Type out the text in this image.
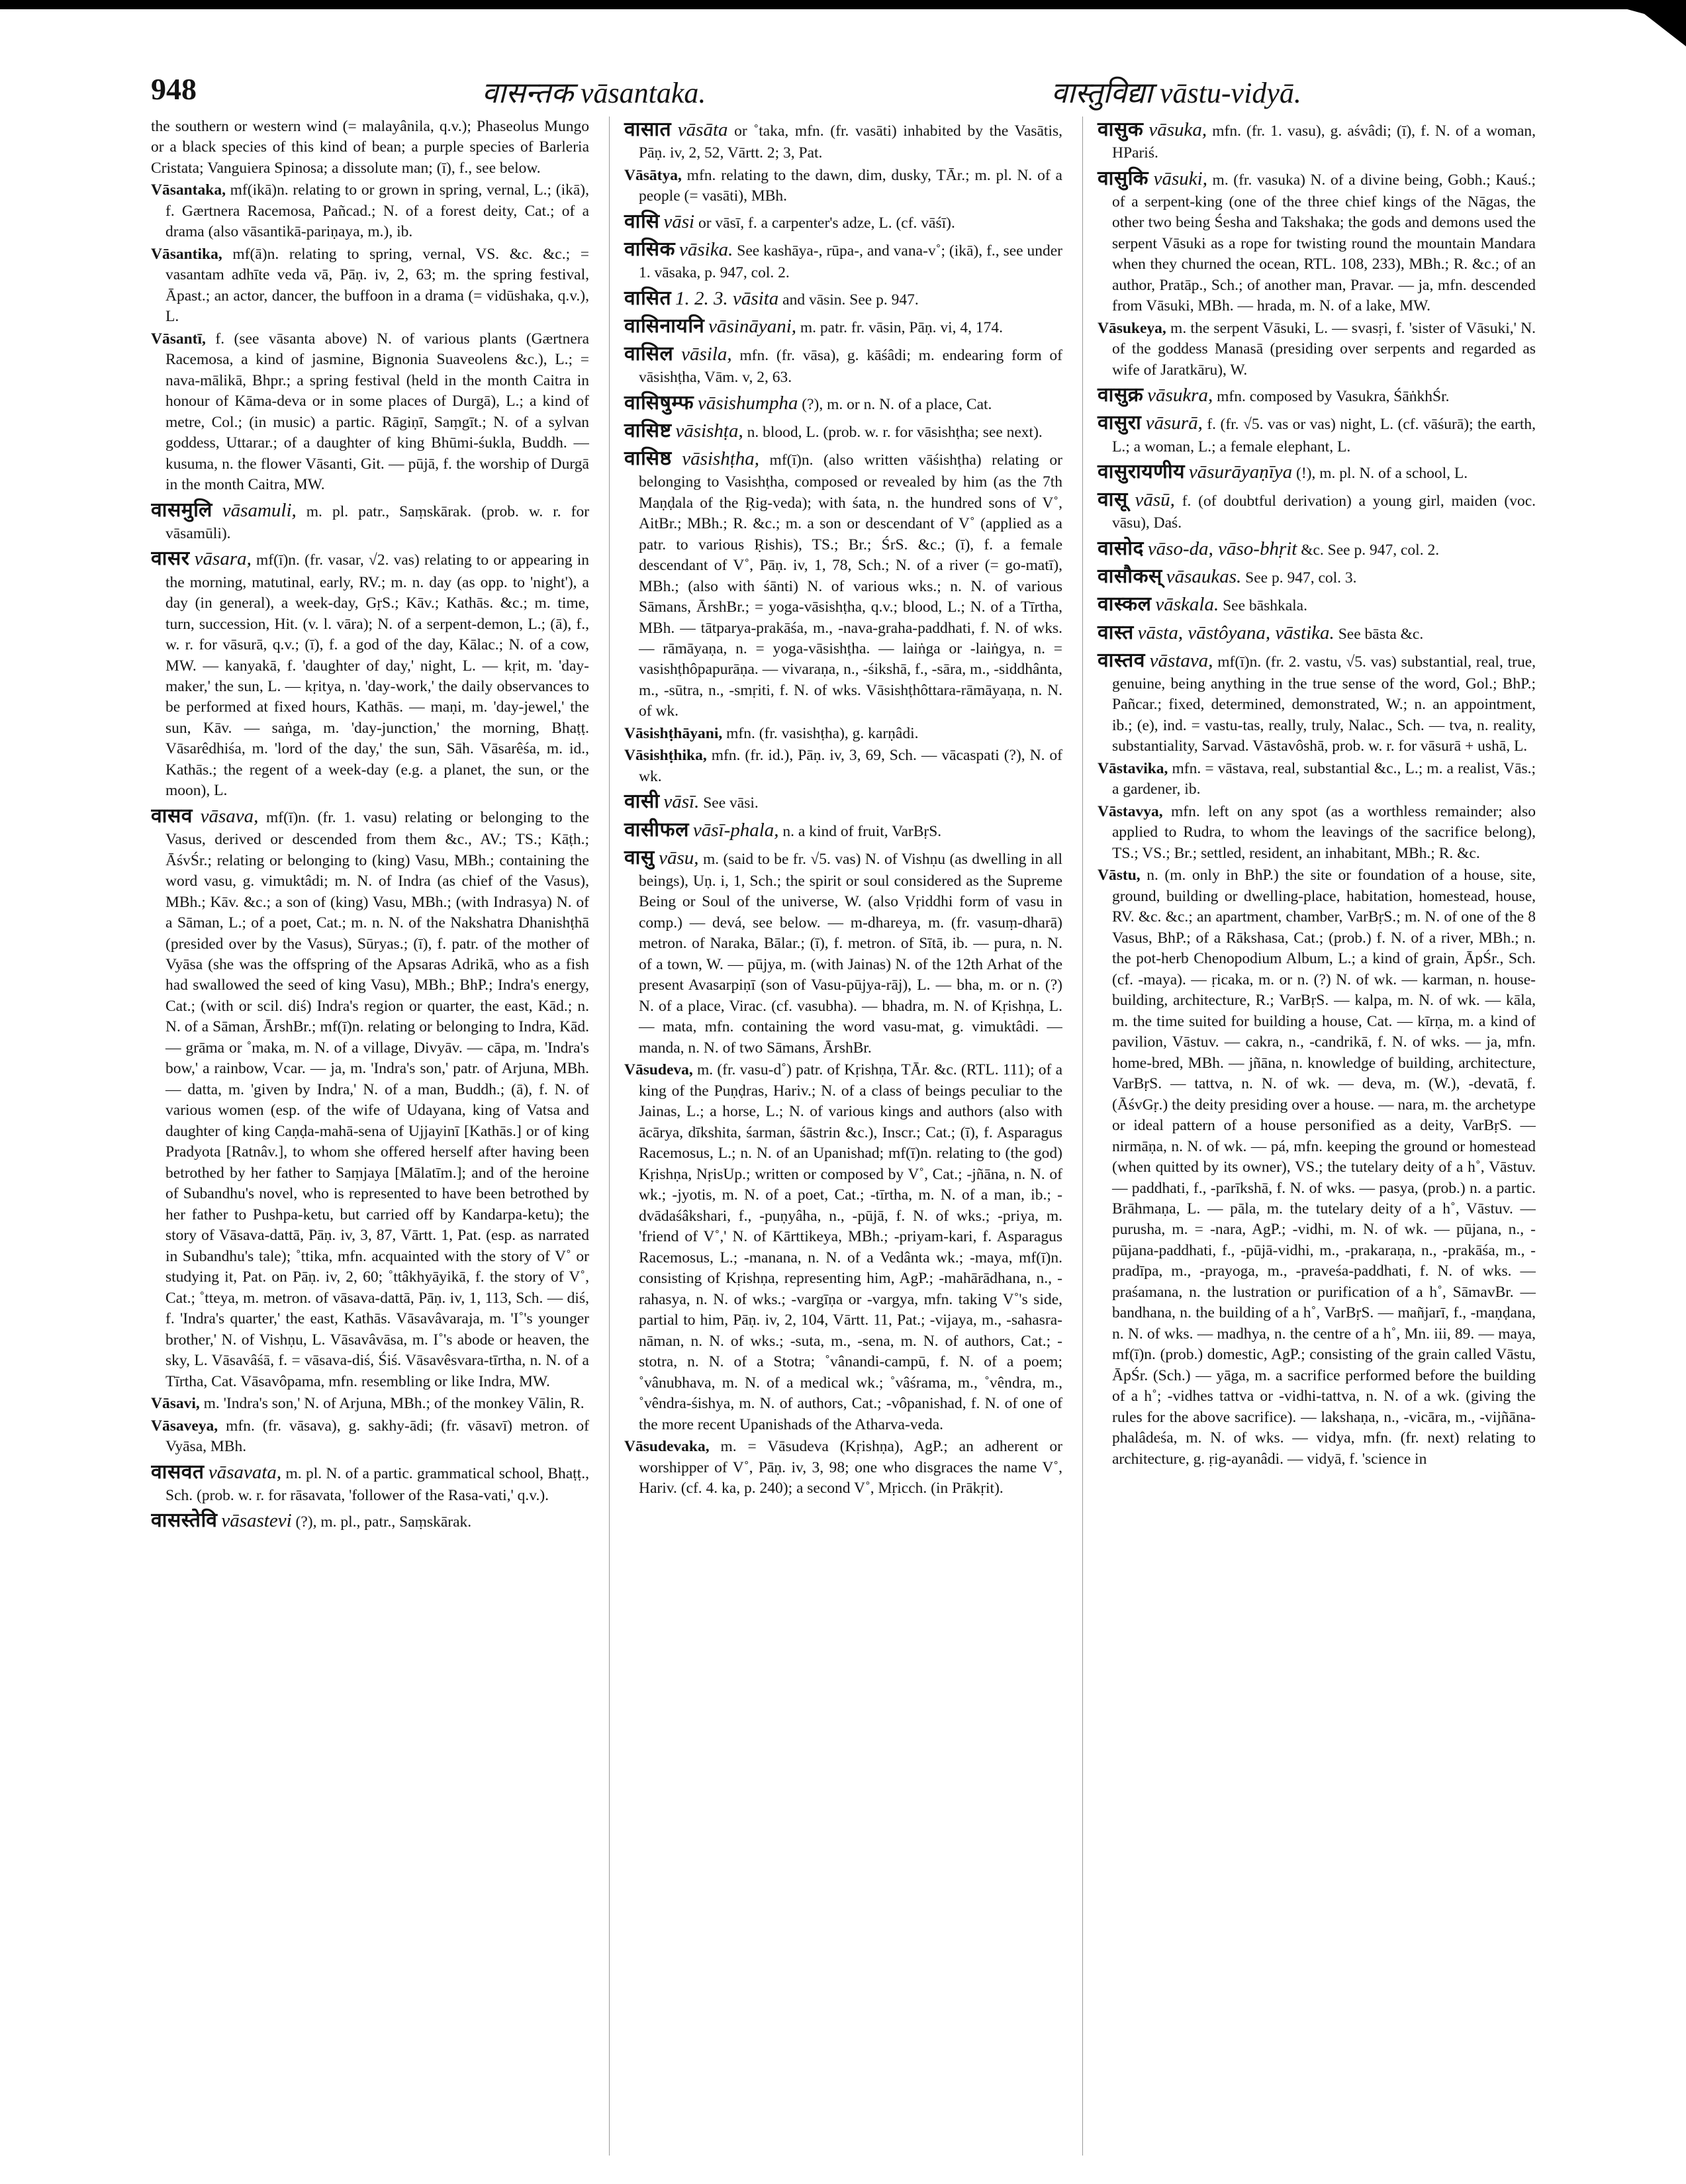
948	वासन्तक vāsantaka.	वास्तुविद्या vāstu-vidyā.

the southern or western wind (= malayânila, q.v.); Phaseolus Mungo or a black species of this kind of bean; a purple species of Barleria Cristata; Vanguiera Spinosa; a dissolute man; (ī), f., see below.

Vāsantaka, mf(ikā)n. relating to or grown in spring, vernal, L.; (ikā), f. Gærtnera Racemosa, Pañcad.; N. of a forest deity, Cat.; of a drama (also vāsantikā-pariṇaya, m.), ib.

Vāsantika, mf(ā)n. relating to spring, vernal, VS. &c. &c.; = vasantam adhīte veda vā, Pāṇ. iv, 2, 63; m. the spring festival, Āpast.; an actor, dancer, the buffoon in a drama (= vidūshaka, q.v.), L.

Vāsantī, f. (see vāsanta above) N. of various plants (Gærtnera Racemosa, a kind of jasmine, Bignonia Suaveolens &c.), L.; = nava-mālikā, Bhpr.; a spring festival (held in the month Caitra in honour of Kāma-deva or in some places of Durgā), L.; a kind of metre, Col.; (in music) a partic. Rāgiṇī, Saṃgīt.; N. of a sylvan goddess, Uttarar.; of a daughter of king Bhūmi-śukla, Buddh. — kusuma, n. the flower Vāsanti, Git. — pūjā, f. the worship of Durgā in the month Caitra, MW.

वासमुलि vāsamuli, m. pl. patr., Saṃskārak. (prob. w. r. for vāsamūli).

वासर vāsara, mf(ī)n. (fr. vasar, √2. vas) relating to or appearing in the morning, matutinal, early, RV.; m. n. day (as opp. to 'night'), a day (in general), a week-day, GṛS.; Kāv.; Kathās. &c.; m. time, turn, succession, Hit. (v. l. vāra); N. of a serpent-demon, L.; (ā), f., w. r. for vāsurā, q.v.; (ī), f. a god of the day, Kālac.; N. of a cow, MW. — kanyakā, f. 'daughter of day,' night, L. — kṛit, m. 'day-maker,' the sun, L. — kṛitya, n. 'day-work,' the daily observances to be performed at fixed hours, Kathās. — maṇi, m. 'day-jewel,' the sun, Kāv. — saṅga, m. 'day-junction,' the morning, Bhaṭṭ. Vāsarêdhiśa, m. 'lord of the day,' the sun, Sāh. Vāsarêśa, m. id., Kathās.; the regent of a week-day (e.g. a planet, the sun, or the moon), L.

वासव vāsava, mf(ī)n. (fr. 1. vasu) relating or belonging to the Vasus, derived or descended from them &c., AV.; TS.; Kāṭh.; ĀśvŚr.; relating or belonging to (king) Vasu, MBh.; containing the word vasu, g. vimuktâdi; m. N. of Indra (as chief of the Vasus), MBh.; Kāv. &c.; a son of (king) Vasu, MBh.; (with Indrasya) N. of a Sāman, L.; of a poet, Cat.; m. n. N. of the Nakshatra Dhanishṭhā (presided over by the Vasus), Sūryas.; (ī), f. patr. of the mother of Vyāsa (she was the offspring of the Apsaras Adrikā, who as a fish had swallowed the seed of king Vasu), MBh.; BhP.; Indra's energy, Cat.; (with or scil. diś) Indra's region or quarter, the east, Kād.; n. N. of a Sāman, ĀrshBr.; mf(ī)n. relating or belonging to Indra, Kād. — grāma or ˚maka, m. N. of a village, Divyāv. — cāpa, m. 'Indra's bow,' a rainbow, Vcar. — ja, m. 'Indra's son,' patr. of Arjuna, MBh. — datta, m. 'given by Indra,' N. of a man, Buddh.; (ā), f. N. of various women (esp. of the wife of Udayana, king of Vatsa and daughter of king Caṇḍa-mahā-sena of Ujjayinī [Kathās.] or of king Pradyota [Ratnâv.], to whom she offered herself after having been betrothed by her father to Saṃjaya [Mālatīm.]; and of the heroine of Subandhu's novel, who is represented to have been betrothed by her father to Pushpa-ketu, but carried off by Kandarpa-ketu); the story of Vāsava-dattā, Pāṇ. iv, 3, 87, Vārtt. 1, Pat. (esp. as narrated in Subandhu's tale); ˚ttika, mfn. acquainted with the story of V˚ or studying it, Pat. on Pāṇ. iv, 2, 60; ˚ttâkhyāyikā, f. the story of V˚, Cat.; ˚tteya, m. metron. of vāsava-dattā, Pāṇ. iv, 1, 113, Sch. — diś, f. 'Indra's quarter,' the east, Kathās. Vāsavâvaraja, m. 'I˚'s younger brother,' N. of Vishṇu, L. Vāsavâvāsa, m. I˚'s abode or heaven, the sky, L. Vāsavâśā, f. = vāsava-diś, Śiś. Vāsavêsvara-tīrtha, n. N. of a Tīrtha, Cat. Vāsavôpama, mfn. resembling or like Indra, MW.

Vāsavi, m. 'Indra's son,' N. of Arjuna, MBh.; of the monkey Vālin, R.

Vāsaveya, mfn. (fr. vāsava), g. sakhy-ādi; (fr. vāsavī) metron. of Vyāsa, MBh.

वासवत vāsavata, m. pl. N. of a partic. grammatical school, Bhaṭṭ., Sch. (prob. w. r. for rāsavata, 'follower of the Rasa-vati,' q.v.).

वासस्तेवि vāsastevi (?), m. pl., patr., Saṃskārak.

वासात vāsāta or ˚taka, mfn. (fr. vasāti) inhabited by the Vasātis, Pāṇ. iv, 2, 52, Vārtt. 2; 3, Pat.

Vāsātya, mfn. relating to the dawn, dim, dusky, TĀr.; m. pl. N. of a people (= vasāti), MBh.

वासि vāsi or vāsī, f. a carpenter's adze, L. (cf. vāśī).

वासिक vāsika. See kashāya-, rūpa-, and vana-v˚; (ikā), f., see under 1. vāsaka, p. 947, col. 2.

वासित 1. 2. 3. vāsita and vāsin. See p. 947.

वासिनायनि vāsināyani, m. patr. fr. vāsin, Pāṇ. vi, 4, 174.

वासिल vāsila, mfn. (fr. vāsa), g. kāśâdi; m. endearing form of vāsishṭha, Vām. v, 2, 63.

वासिषुम्फ vāsishumpha (?), m. or n. N. of a place, Cat.

वासिष्ट vāsishṭa, n. blood, L. (prob. w. r. for vāsishṭha; see next).

वासिष्ठ vāsishṭha, mf(ī)n. (also written vāśishṭha) relating or belonging to Vasishṭha, composed or revealed by him (as the 7th Maṇḍala of the Ṛig-veda); with śata, n. the hundred sons of V˚, AitBr.; MBh.; R. &c.; m. a son or descendant of V˚ (applied as a patr. to various Ṛishis), TS.; Br.; ŚrS. &c.; (ī), f. a female descendant of V˚, Pāṇ. iv, 1, 78, Sch.; N. of a river (= go-matī), MBh.; (also with śānti) N. of various wks.; n. N. of various Sāmans, ĀrshBr.; = yoga-vāsishṭha, q.v.; blood, L.; N. of a Tīrtha, MBh. — tātparya-prakāśa, m., -nava-graha-paddhati, f. N. of wks. — rāmāyaṇa, n. = yoga-vāsishṭha. — laiṅga or -laiṅgya, n. = vasishṭhôpapurāṇa. — vivaraṇa, n., -śikshā, f., -sāra, m., -siddhânta, m., -sūtra, n., -smṛiti, f. N. of wks. Vāsishṭhôttara-rāmāyaṇa, n. N. of wk.

Vāsishṭhāyani, mfn. (fr. vasishṭha), g. karṇâdi.

Vāsishṭhika, mfn. (fr. id.), Pāṇ. iv, 3, 69, Sch. — vācaspati (?), N. of wk.

वासी vāsī. See vāsi.

वासीफल vāsī-phala, n. a kind of fruit, VarBṛS.

वासु vāsu, m. (said to be fr. √5. vas) N. of Vishṇu (as dwelling in all beings), Uṇ. i, 1, Sch.; the spirit or soul considered as the Supreme Being or Soul of the universe, W. (also Vṛiddhi form of vasu in comp.) — devá, see below. — m-dhareya, m. (fr. vasuṃ-dharā) metron. of Naraka, Bālar.; (ī), f. metron. of Sītā, ib. — pura, n. N. of a town, W. — pūjya, m. (with Jainas) N. of the 12th Arhat of the present Avasarpiṇī (son of Vasu-pūjya-rāj), L. — bha, m. or n. (?) N. of a place, Virac. (cf. vasubha). — bhadra, m. N. of Kṛishṇa, L. — mata, mfn. containing the word vasu-mat, g. vimuktâdi. — manda, n. N. of two Sāmans, ĀrshBr.

Vāsudeva, m. (fr. vasu-d˚) patr. of Kṛishṇa, TĀr. &c. (RTL. 111); of a king of the Puṇḍras, Hariv.; N. of a class of beings peculiar to the Jainas, L.; a horse, L.; N. of various kings and authors (also with ācārya, dīkshita, śarman, śāstrin &c.), Inscr.; Cat.; (ī), f. Asparagus Racemosus, L.; n. N. of an Upanishad; mf(ī)n. relating to (the god) Kṛishṇa, NṛisUp.; written or composed by V˚, Cat.; -jñāna, n. N. of wk.; -jyotis, m. N. of a poet, Cat.; -tīrtha, m. N. of a man, ib.; -dvādaśâkshari, f., -puṇyâha, n., -pūjā, f. N. of wks.; -priya, m. 'friend of V˚,' N. of Kārttikeya, MBh.; -priyam-kari, f. Asparagus Racemosus, L.; -manana, n. N. of a Vedânta wk.; -maya, mf(ī)n. consisting of Kṛishṇa, representing him, AgP.; -mahārādhana, n., -rahasya, n. N. of wks.; -vargīṇa or -vargya, mfn. taking V˚'s side, partial to him, Pāṇ. iv, 2, 104, Vārtt. 11, Pat.; -vijaya, m., -sahasra-nāman, n. N. of wks.; -suta, m., -sena, m. N. of authors, Cat.; -stotra, n. N. of a Stotra; ˚vânandi-campū, f. N. of a poem; ˚vânubhava, m. N. of a medical wk.; ˚vâśrama, m., ˚vêndra, m., ˚vêndra-śishya, m. N. of authors, Cat.; -vôpanishad, f. N. of one of the more recent Upanishads of the Atharva-veda.

Vāsudevaka, m. = Vāsudeva (Kṛishṇa), AgP.; an adherent or worshipper of V˚, Pāṇ. iv, 3, 98; one who disgraces the name V˚, Hariv. (cf. 4. ka, p. 240); a second V˚, Mṛicch. (in Prākṛit).

वासुक vāsuka, mfn. (fr. 1. vasu), g. aśvâdi; (ī), f. N. of a woman, HPariś.

वासुकि vāsuki, m. (fr. vasuka) N. of a divine being, Gobh.; Kauś.; of a serpent-king (one of the three chief kings of the Nāgas, the other two being Śesha and Takshaka; the gods and demons used the serpent Vāsuki as a rope for twisting round the mountain Mandara when they churned the ocean, RTL. 108, 233), MBh.; R. &c.; of an author, Pratāp., Sch.; of another man, Pravar. — ja, mfn. descended from Vāsuki, MBh. — hrada, m. N. of a lake, MW.

Vāsukeya, m. the serpent Vāsuki, L. — svasṛi, f. 'sister of Vāsuki,' N. of the goddess Manasā (presiding over serpents and regarded as wife of Jaratkāru), W.

वासुक्र vāsukra, mfn. composed by Vasukra, ŚāṅkhŚr.

वासुरा vāsurā, f. (fr. √5. vas or vas) night, L. (cf. vāśurā); the earth, L.; a woman, L.; a female elephant, L.

वासुरायणीय vāsurāyaṇīya (!), m. pl. N. of a school, L.

वासू vāsū, f. (of doubtful derivation) a young girl, maiden (voc. vāsu), Daś.

वासोद vāso-da, vāso-bhṛit &c. See p. 947, col. 2.

वासौकस् vāsaukas. See p. 947, col. 3.

वास्कल vāskala. See bāshkala.

वास्त vāsta, vāstôyana, vāstika. See bāsta &c.

वास्तव vāstava, mf(ī)n. (fr. 2. vastu, √5. vas) substantial, real, true, genuine, being anything in the true sense of the word, Gol.; BhP.; Pañcar.; fixed, determined, demonstrated, W.; n. an appointment, ib.; (e), ind. = vastu-tas, really, truly, Nalac., Sch. — tva, n. reality, substantiality, Sarvad. Vāstavôshā, prob. w. r. for vāsurā + ushā, L.

Vāstavika, mfn. = vāstava, real, substantial &c., L.; m. a realist, Vās.; a gardener, ib.

Vāstavya, mfn. left on any spot (as a worthless remainder; also applied to Rudra, to whom the leavings of the sacrifice belong), TS.; VS.; Br.; settled, resident, an inhabitant, MBh.; R. &c.

Vāstu, n. (m. only in BhP.) the site or foundation of a house, site, ground, building or dwelling-place, habitation, homestead, house, RV. &c. &c.; an apartment, chamber, VarBṛS.; m. N. of one of the 8 Vasus, BhP.; of a Rākshasa, Cat.; (prob.) f. N. of a river, MBh.; n. the pot-herb Chenopodium Album, L.; a kind of grain, ĀpŚr., Sch. (cf. -maya). — ṛicaka, m. or n. (?) N. of wk. — karman, n. house-building, architecture, R.; VarBṛS. — kalpa, m. N. of wk. — kāla, m. the time suited for building a house, Cat. — kīrṇa, m. a kind of pavilion, Vāstuv. — cakra, n., -candrikā, f. N. of wks. — ja, mfn. home-bred, MBh. — jñāna, n. knowledge of building, architecture, VarBṛS. — tattva, n. N. of wk. — deva, m. (W.), -devatā, f. (ĀśvGṛ.) the deity presiding over a house. — nara, m. the archetype or ideal pattern of a house personified as a deity, VarBṛS. — nirmāṇa, n. N. of wk. — pá, mfn. keeping the ground or homestead (when quitted by its owner), VS.; the tutelary deity of a h˚, Vāstuv. — paddhati, f., -parīkshā, f. N. of wks. — pasya, (prob.) n. a partic. Brāhmaṇa, L. — pāla, m. the tutelary deity of a h˚, Vāstuv. — purusha, m. = -nara, AgP.; -vidhi, m. N. of wk. — pūjana, n., -pūjana-paddhati, f., -pūjā-vidhi, m., -prakaraṇa, n., -prakāśa, m., -pradīpa, m., -prayoga, m., -praveśa-paddhati, f. N. of wks. — praśamana, n. the lustration or purification of a h˚, SāmavBr. — bandhana, n. the building of a h˚, VarBṛS. — mañjarī, f., -maṇḍana, n. N. of wks. — madhya, n. the centre of a h˚, Mn. iii, 89. — maya, mf(ī)n. (prob.) domestic, AgP.; consisting of the grain called Vāstu, ĀpŚr. (Sch.) — yāga, m. a sacrifice performed before the building of a h˚; -vidhes tattva or -vidhi-tattva, n. N. of a wk. (giving the rules for the above sacrifice). — lakshaṇa, n., -vicāra, m., -vijñāna-phalâdeśa, m. N. of wks. — vidya, mfn. (fr. next) relating to architecture, g. ṛig-ayanâdi. — vidyā, f. 'science in
